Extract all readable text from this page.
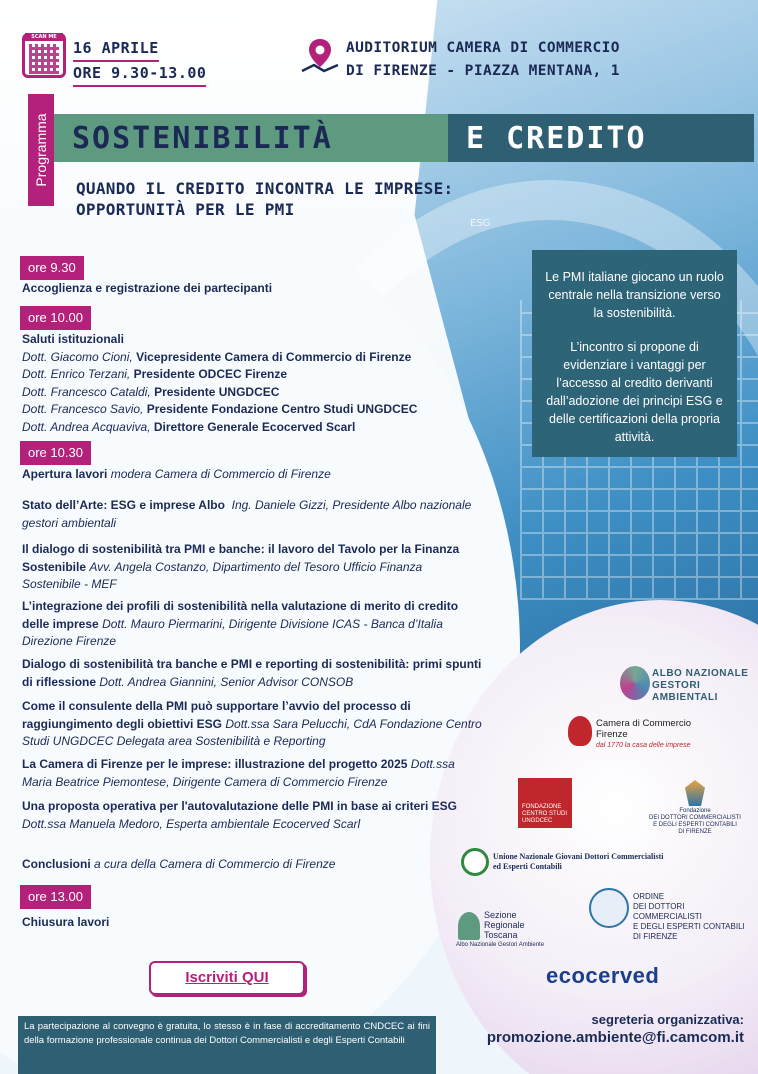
SCAN ME
16 APRILE
ORE 9.30-13.00
AUDITORIUM CAMERA DI COMMERCIO
DI FIRENZE - PIAZZA MENTANA, 1
Programma SOSTENIBILITÀ	E CREDITO
QUANDO IL CREDITO INCONTRA LE IMPRESE:
OPPORTUNITÀ PER LE PMI
ESG
ore 9.30
Accoglienza e registrazione dei partecipanti
ore 10.00
Saluti istituzionali
Dott. Giacomo Cioni, Vicepresidente Camera di Commercio di Firenze
Dott. Enrico Terzani, Presidente ODCEC Firenze
Dott. Francesco Cataldi, Presidente UNGDCEC
Dott. Francesco Savio, Presidente Fondazione Centro Studi UNGDCEC
Dott. Andrea Acquaviva, Direttore Generale Ecocerved Scarl
ore 10.30
Apertura lavori modera Camera di Commercio di Firenze
Stato dell’Arte: ESG e imprese Albo Ing. Daniele Gizzi, Presidente Albo nazionale gestori ambientali
Il dialogo di sostenibilità tra PMI e banche: il lavoro del Tavolo per la Finanza Sostenibile Avv. Angela Costanzo, Dipartimento del Tesoro Ufficio Finanza Sostenibile - MEF
L’integrazione dei profili di sostenibilità nella valutazione di merito di credito delle imprese Dott. Mauro Piermarini, Dirigente Divisione ICAS - Banca d’Italia Direzione Firenze
Dialogo di sostenibilità tra banche e PMI e reporting di sostenibilità: primi spunti di riflessione Dott. Andrea Giannini, Senior Advisor CONSOB
Come il consulente della PMI può supportare l’avvio del processo di raggiungimento degli obiettivi ESG Dott.ssa Sara Pelucchi, CdA Fondazione Centro Studi UNGDCEC Delegata area Sostenibilità e Reporting
La Camera di Firenze per le imprese: illustrazione del progetto 2025 Dott.ssa Maria Beatrice Piemontese, Dirigente Camera di Commercio Firenze
Una proposta operativa per l'autovalutazione delle PMI in base ai criteri ESG Dott.ssa Manuela Medoro, Esperta ambientale Ecocerved Scarl
Conclusioni a cura della Camera di Commercio di Firenze
ore 13.00
Chiusura lavori

Le PMI italiane giocano un ruolo centrale nella transizione verso la sostenibilità.

L’incontro si propone di evidenziare i vantaggi per l’accesso al credito derivanti dall’adozione dei principi ESG e delle certificazioni della propria attività.

ALBO NAZIONALE
GESTORI AMBIENTALI
Camera di Commercio
Firenze
dal 1770 la casa delle imprese
FONDAZIONE
CENTRO STUDI
UNGDCEC
Fondazione
DEI DOTTORI COMMERCIALISTI
E DEGLI ESPERTI CONTABILI
DI FIRENZE
Unione Nazionale Giovani Dottori Commercialisti
ed Esperti Contabili
Sezione
Regionale
Toscana
Albo Nazionale Gestori Ambiente
ORDINE
DEI DOTTORI COMMERCIALISTI
E DEGLI ESPERTI CONTABILI
DI FIRENZE
ecocerved
Iscriviti QUI
La partecipazione al convegno è gratuita, lo stesso è in fase di accreditamento CNDCEC ai fini della formazione professionale continua dei Dottori Commercialisti e degli Esperti Contabili
segreteria organizzativa:
promozione.ambiente@fi.camcom.it
